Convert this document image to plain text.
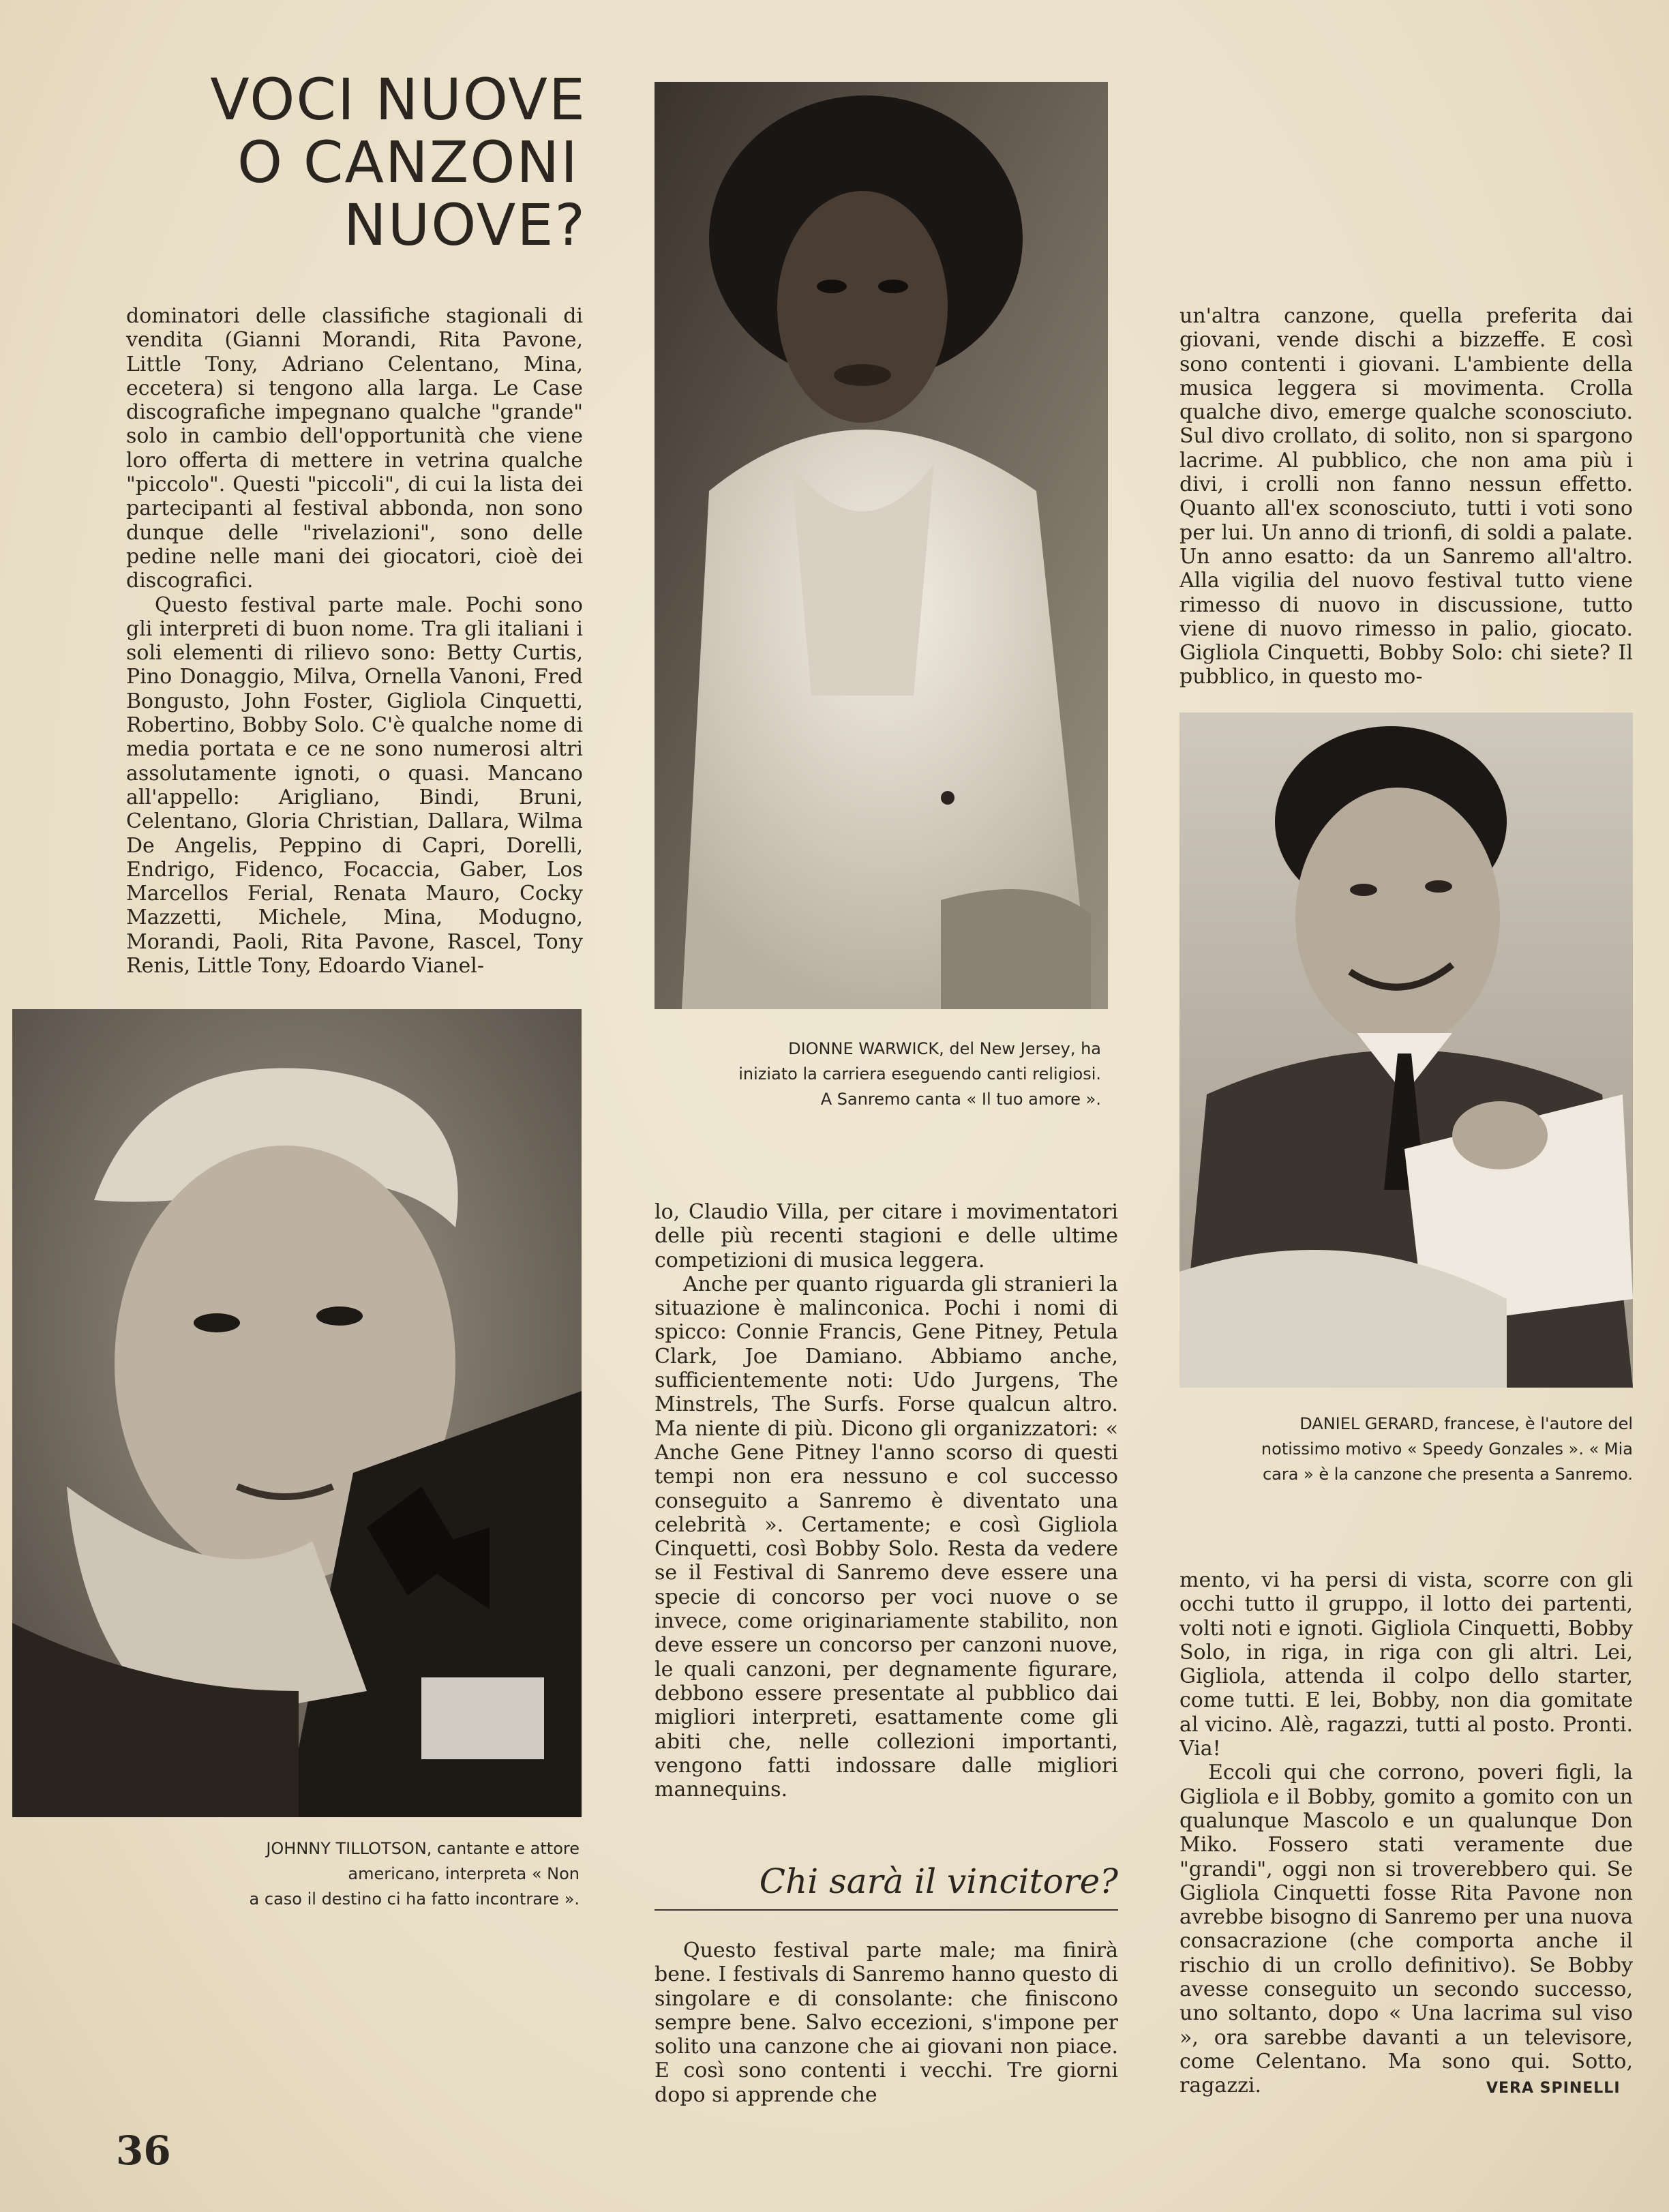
VOCI NUOVE
O CANZONI
NUOVE?

dominatori delle classifiche stagionali di vendita (Gianni Morandi, Rita Pavone, Little Tony, Adriano Celentano, Mina, eccetera) si tengono alla larga. Le Case discografiche impegnano qualche "grande" solo in cambio dell'opportunità che viene loro offerta di mettere in vetrina qualche "piccolo". Questi "piccoli", di cui la lista dei partecipanti al festival abbonda, non sono dunque delle "rivelazioni", sono delle pedine nelle mani dei giocatori, cioè dei discografici.

Questo festival parte male. Pochi sono gli interpreti di buon nome. Tra gli italiani i soli elementi di rilievo sono: Betty Curtis, Pino Donaggio, Milva, Ornella Vanoni, Fred Bongusto, John Foster, Gigliola Cinquetti, Robertino, Bobby Solo. C'è qualche nome di media portata e ce ne sono numerosi altri assolutamente ignoti, o quasi. Mancano all'appello: Arigliano, Bindi, Bruni, Celentano, Gloria Christian, Dallara, Wilma De Angelis, Peppino di Capri, Dorelli, Endrigo, Fidenco, Focaccia, Gaber, Los Marcellos Ferial, Renata Mauro, Cocky Mazzetti, Michele, Mina, Modugno, Morandi, Paoli, Rita Pavone, Rascel, Tony Renis, Little Tony, Edoardo Vianel-

DIONNE WARWICK, del New Jersey, ha
iniziato la carriera eseguendo canti religiosi.
A Sanremo canta « Il tuo amore ».

lo, Claudio Villa, per citare i movimentatori delle più recenti stagioni e delle ultime competizioni di musica leggera.

Anche per quanto riguarda gli stranieri la situazione è malinconica. Pochi i nomi di spicco: Connie Francis, Gene Pitney, Petula Clark, Joe Damiano. Abbiamo anche, sufficientemente noti: Udo Jurgens, The Minstrels, The Surfs. Forse qualcun altro. Ma niente di più. Dicono gli organizzatori: « Anche Gene Pitney l'anno scorso di questi tempi non era nessuno e col successo conseguito a Sanremo è diventato una celebrità ». Certamente; e così Gigliola Cinquetti, così Bobby Solo. Resta da vedere se il Festival di Sanremo deve essere una specie di concorso per voci nuove o se invece, come originariamente stabilito, non deve essere un concorso per canzoni nuove, le quali canzoni, per degnamente figurare, debbono essere presentate al pubblico dai migliori interpreti, esattamente come gli abiti che, nelle collezioni importanti, vengono fatti indossare dalle migliori mannequins.

Chi sarà il vincitore?

Questo festival parte male; ma finirà bene. I festivals di Sanremo hanno questo di singolare e di consolante: che finiscono sempre bene. Salvo eccezioni, s'impone per solito una canzone che ai giovani non piace. E così sono contenti i vecchi. Tre giorni dopo si apprende che

un'altra canzone, quella preferita dai giovani, vende dischi a bizzeffe. E così sono contenti i giovani. L'ambiente della musica leggera si movimenta. Crolla qualche divo, emerge qualche sconosciuto. Sul divo crollato, di solito, non si spargono lacrime. Al pubblico, che non ama più i divi, i crolli non fanno nessun effetto. Quanto all'ex sconosciuto, tutti i voti sono per lui. Un anno di trionfi, di soldi a palate. Un anno esatto: da un Sanremo all'altro. Alla vigilia del nuovo festival tutto viene rimesso di nuovo in discussione, tutto viene di nuovo rimesso in palio, giocato. Gigliola Cinquetti, Bobby Solo: chi siete? Il pubblico, in questo mo-

DANIEL GERARD, francese, è l'autore del
notissimo motivo « Speedy Gonzales ». « Mia
cara » è la canzone che presenta a Sanremo.

mento, vi ha persi di vista, scorre con gli occhi tutto il gruppo, il lotto dei partenti, volti noti e ignoti. Gigliola Cinquetti, Bobby Solo, in riga, in riga con gli altri. Lei, Gigliola, attenda il colpo dello starter, come tutti. E lei, Bobby, non dia gomitate al vicino. Alè, ragazzi, tutti al posto. Pronti. Via!

Eccoli qui che corrono, poveri figli, la Gigliola e il Bobby, gomito a gomito con un qualunque Mascolo e un qualunque Don Miko. Fossero stati veramente due "grandi", oggi non si troverebbero qui. Se Gigliola Cinquetti fosse Rita Pavone non avrebbe bisogno di Sanremo per una nuova consacrazione (che comporta anche il rischio di un crollo definitivo). Se Bobby avesse conseguito un secondo successo, uno soltanto, dopo « Una lacrima sul viso », ora sarebbe davanti a un televisore, come Celentano. Ma sono qui. Sotto, ragazzi.	VERA SPINELLI
JOHNNY TILLOTSON, cantante e attore
americano, interpreta « Non
a caso il destino ci ha fatto incontrare ».
36
